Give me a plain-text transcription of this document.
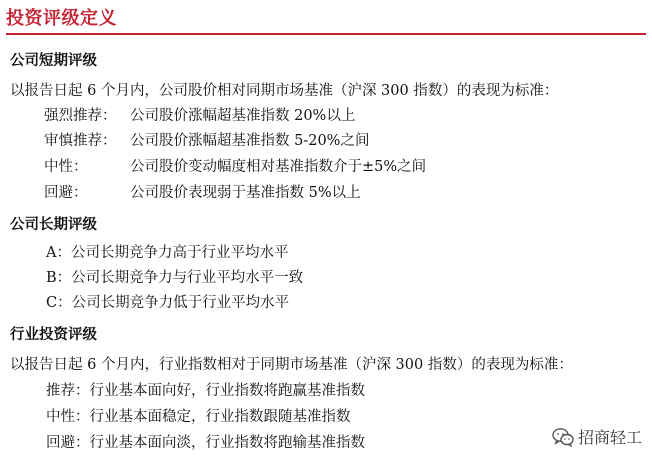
投资评级定义
公司短期评级
以报告日起 6 个月内，公司股价相对同期市场基准（沪深 300 指数）的表现为标准：
强烈推荐： 公司股价涨幅超基准指数 20%以上
审慎推荐： 公司股价涨幅超基准指数 5-20%之间
中性：	公司股价变动幅度相对基准指数介于±5%之间
回避：	公司股价表现弱于基准指数 5%以上
公司长期评级
A：公司长期竞争力高于行业平均水平
B：公司长期竞争力与行业平均水平一致
C：公司长期竞争力低于行业平均水平
行业投资评级
以报告日起 6 个月内，行业指数相对于同期市场基准（沪深 300 指数）的表现为标准：
推荐：行业基本面向好，行业指数将跑赢基准指数
中性：行业基本面稳定，行业指数跟随基准指数
回避：行业基本面向淡，行业指数将跑输基准指数	招商轻工
